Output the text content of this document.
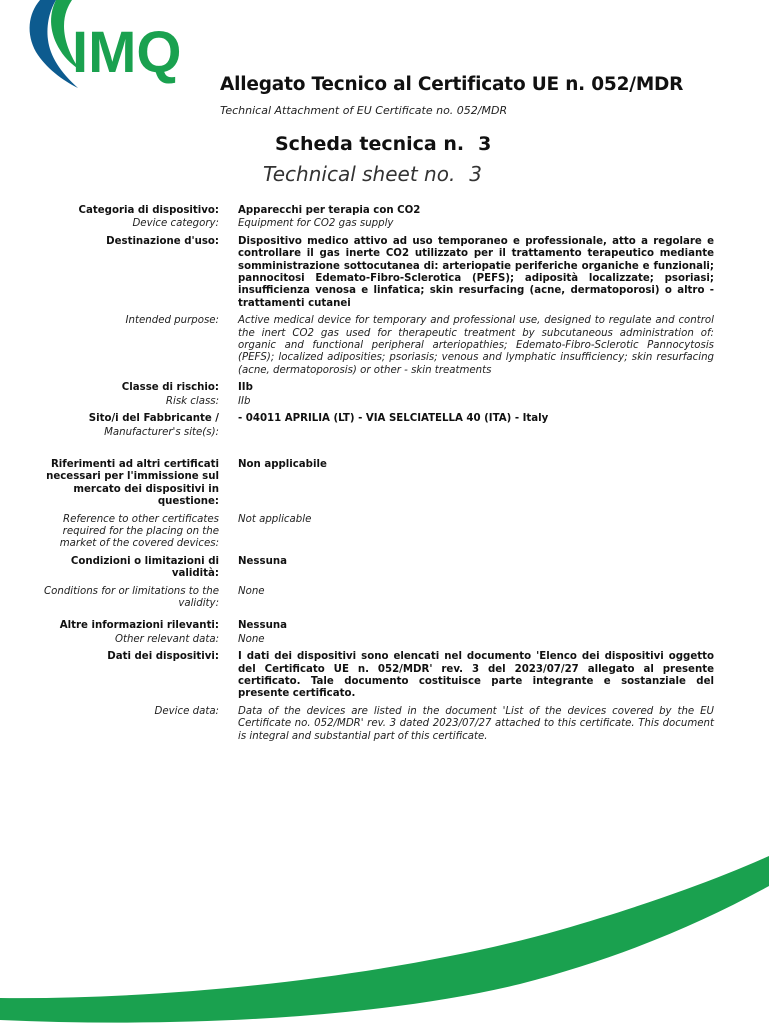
IMQ Allegato Tecnico al Certificato UE n. 052/MDR
Technical Attachment of EU Certificate no. 052/MDR
Scheda tecnica n. 3
Technical sheet no. 3
Categoria di dispositivo: Apparecchi per terapia con CO2
Device category: Equipment for CO2 gas supply
Destinazione d'uso: Dispositivo medico attivo ad uso temporaneo e professionale, atto a regolare e controllare il gas inerte CO2 utilizzato per il trattamento terapeutico mediante somministrazione sottocutanea di: arteriopatie periferiche organiche e funzionali; pannocitosi Edemato-Fibro-Sclerotica (PEFS); adiposità localizzate; psoriasi; insufficienza venosa e linfatica; skin resurfacing (acne, dermatoporosi) o altro - trattamenti cutanei
Intended purpose: Active medical device for temporary and professional use, designed to regulate and control the inert CO2 gas used for therapeutic treatment by subcutaneous administration of: organic and functional peripheral arteriopathies; Edemato-Fibro-Sclerotic Pannocytosis (PEFS); localized adiposities; psoriasis; venous and lymphatic insufficiency; skin resurfacing (acne, dermatoporosis) or other - skin treatments
Classe di rischio: IIb
Risk class: IIb
Sito/i del Fabbricante / - 04011 APRILIA (LT) - VIA SELCIATELLA 40 (ITA) - Italy
Manufacturer's site(s):
Riferimenti ad altri certificati necessari per l'immissione sul mercato dei dispositivi in questione:
Non applicabile
Reference to other certificates required for the placing on the market of the covered devices:
Not applicable
Condizioni o limitazioni di validità:
Nessuna
Conditions for or limitations to the validity:
None
Altre informazioni rilevanti: Nessuna
Other relevant data: None
Dati dei dispositivi: I dati dei dispositivi sono elencati nel documento 'Elenco dei dispositivi oggetto del Certificato UE n. 052/MDR' rev. 3 del 2023/07/27 allegato al presente certificato. Tale documento costituisce parte integrante e sostanziale del presente certificato.
Device data: Data of the devices are listed in the document 'List of the devices covered by the EU Certificate no. 052/MDR' rev. 3 dated 2023/07/27 attached to this certificate. This document is integral and substantial part of this certificate.
